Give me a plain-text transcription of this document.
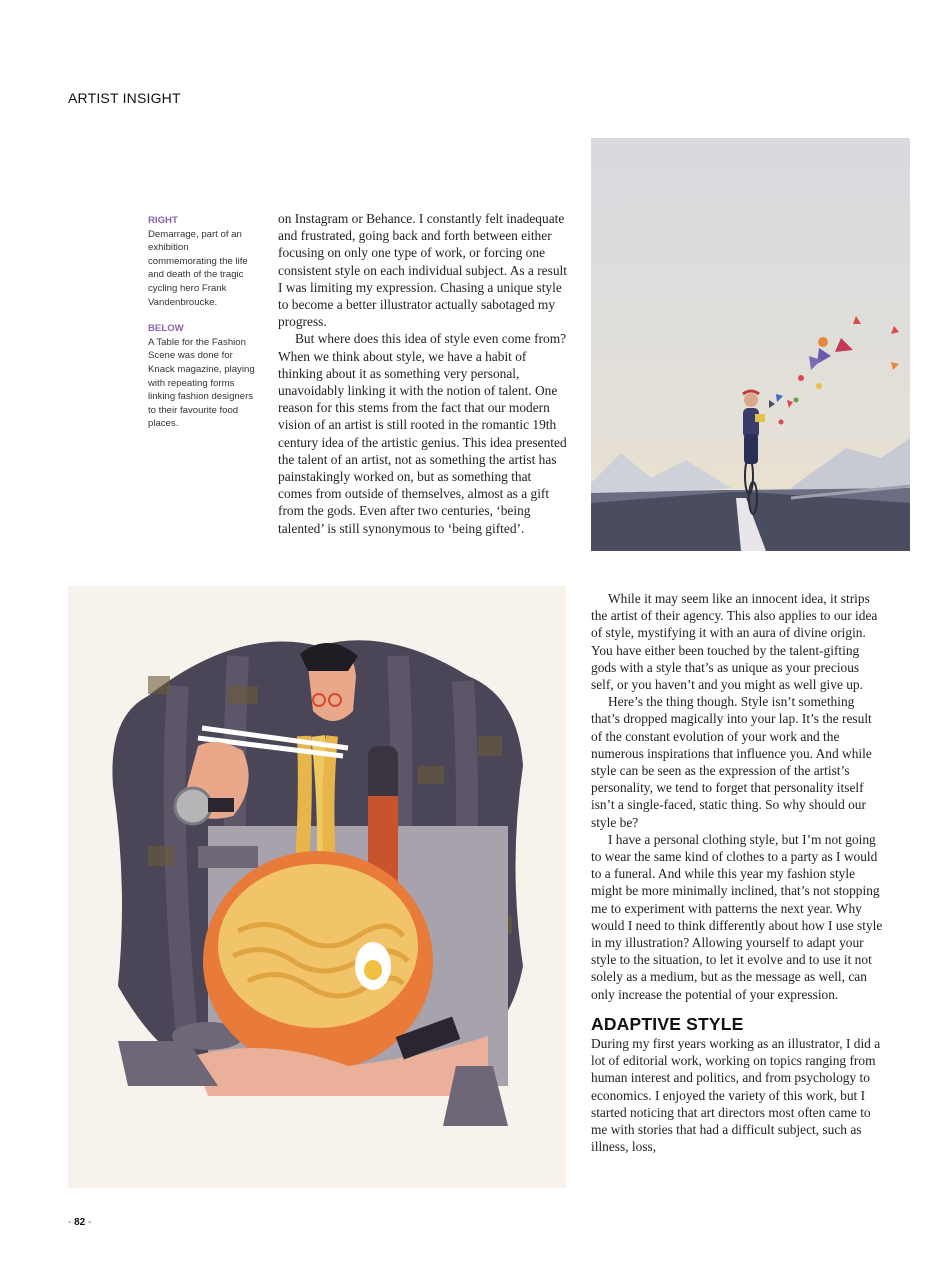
ARTIST INSIGHT
RIGHT
Demarrage, part of an exhibition commemorating the life and death of the tragic cycling hero Frank Vandenbroucke.
BELOW
A Table for the Fashion Scene was done for Knack magazine, playing with repeating forms linking fashion designers to their favourite food places.

on Instagram or Behance. I constantly felt inadequate and frustrated, going back and forth between either focusing on only one type of work, or forcing one consistent style on each individual subject. As a result I was limiting my expression. Chasing a unique style to become a better illustrator actually sabotaged my progress.

But where does this idea of style even come from? When we think about style, we have a habit of thinking about it as something very personal, unavoidably linking it with the notion of talent. One reason for this stems from the fact that our modern vision of an artist is still rooted in the romantic 19th century idea of the artistic genius. This idea presented the talent of an artist, not as something the artist has painstakingly worked on, but as something that comes from outside of themselves, almost as a gift from the gods. Even after two centuries, ‘being talented’ is still synonymous to ‘being gifted’.

While it may seem like an innocent idea, it strips the artist of their agency. This also applies to our idea of style, mystifying it with an aura of divine origin. You have either been touched by the talent-gifting gods with a style that’s as unique as your precious self, or you haven’t and you might as well give up.

Here’s the thing though. Style isn’t something that’s dropped magically into your lap. It’s the result of the constant evolution of your work and the numerous inspirations that influence you. And while style can be seen as the expression of the artist’s personality, we tend to forget that personality itself isn’t a single-faced, static thing. So why should our style be?

I have a personal clothing style, but I’m not going to wear the same kind of clothes to a party as I would to a funeral. And while this year my fashion style might be more minimally inclined, that’s not stopping me to experiment with patterns the next year. Why would I need to think differently about how I use style in my illustration? Allowing yourself to adapt your style to the situation, to let it evolve and to use it not solely as a medium, but as the message as well, can only increase the potential of your expression.

ADAPTIVE STYLE

During my first years working as an illustrator, I did a lot of editorial work, working on topics ranging from human interest and politics, and from psychology to economics. I enjoyed the variety of this work, but I started noticing that art directors most often came to me with stories that had a difficult subject, such as illness, loss,

- 82 -
